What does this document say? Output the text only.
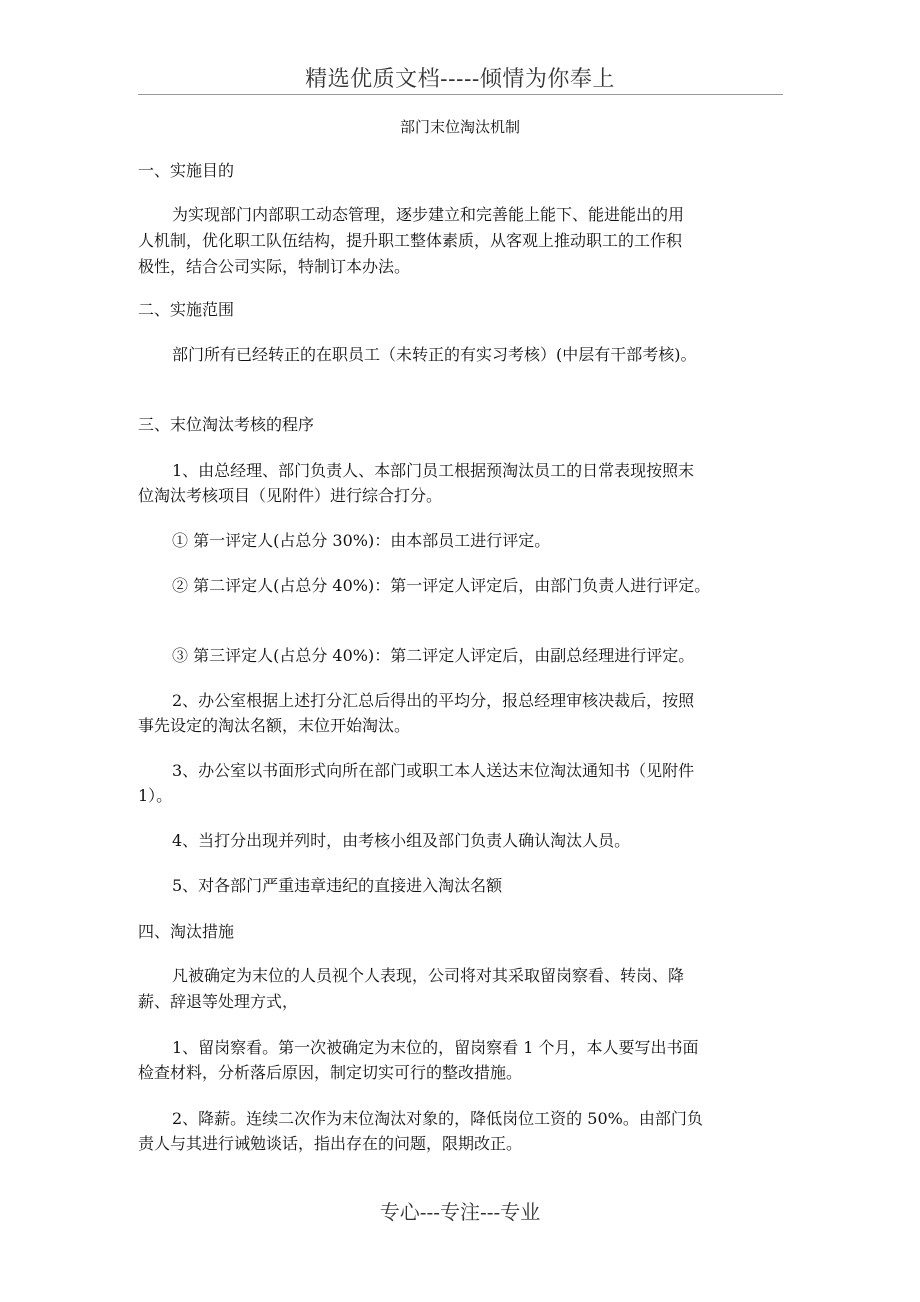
精选优质文档-----倾情为你奉上
部门末位淘汰机制
一、实施目的
为实现部门内部职工动态管理，逐步建立和完善能上能下、能进能出的用
人机制，优化职工队伍结构，提升职工整体素质，从客观上推动职工的工作积
极性，结合公司实际，特制订本办法。
二、实施范围
部门所有已经转正的在职员工（未转正的有实习考核）(中层有干部考核)。
三、末位淘汰考核的程序
1、由总经理、部门负责人、本部门员工根据预淘汰员工的日常表现按照末
位淘汰考核项目（见附件）进行综合打分。
① 第一评定人(占总分 30%)：由本部员工进行评定。
② 第二评定人(占总分 40%)：第一评定人评定后，由部门负责人进行评定。
③ 第三评定人(占总分 40%)：第二评定人评定后，由副总经理进行评定。
2、办公室根据上述打分汇总后得出的平均分，报总经理审核决裁后，按照
事先设定的淘汰名额，末位开始淘汰。
3、办公室以书面形式向所在部门或职工本人送达末位淘汰通知书（见附件
1）。
4、当打分出现并列时，由考核小组及部门负责人确认淘汰人员。
5、对各部门严重违章违纪的直接进入淘汰名额
四、淘汰措施
凡被确定为末位的人员视个人表现，公司将对其采取留岗察看、转岗、降
薪、辞退等处理方式，
1、留岗察看。第一次被确定为末位的，留岗察看 1 个月，本人要写出书面
检查材料，分析落后原因，制定切实可行的整改措施。
2、降薪。连续二次作为末位淘汰对象的，降低岗位工资的 50%。由部门负
责人与其进行诫勉谈话，指出存在的问题，限期改正。
专心---专注---专业
